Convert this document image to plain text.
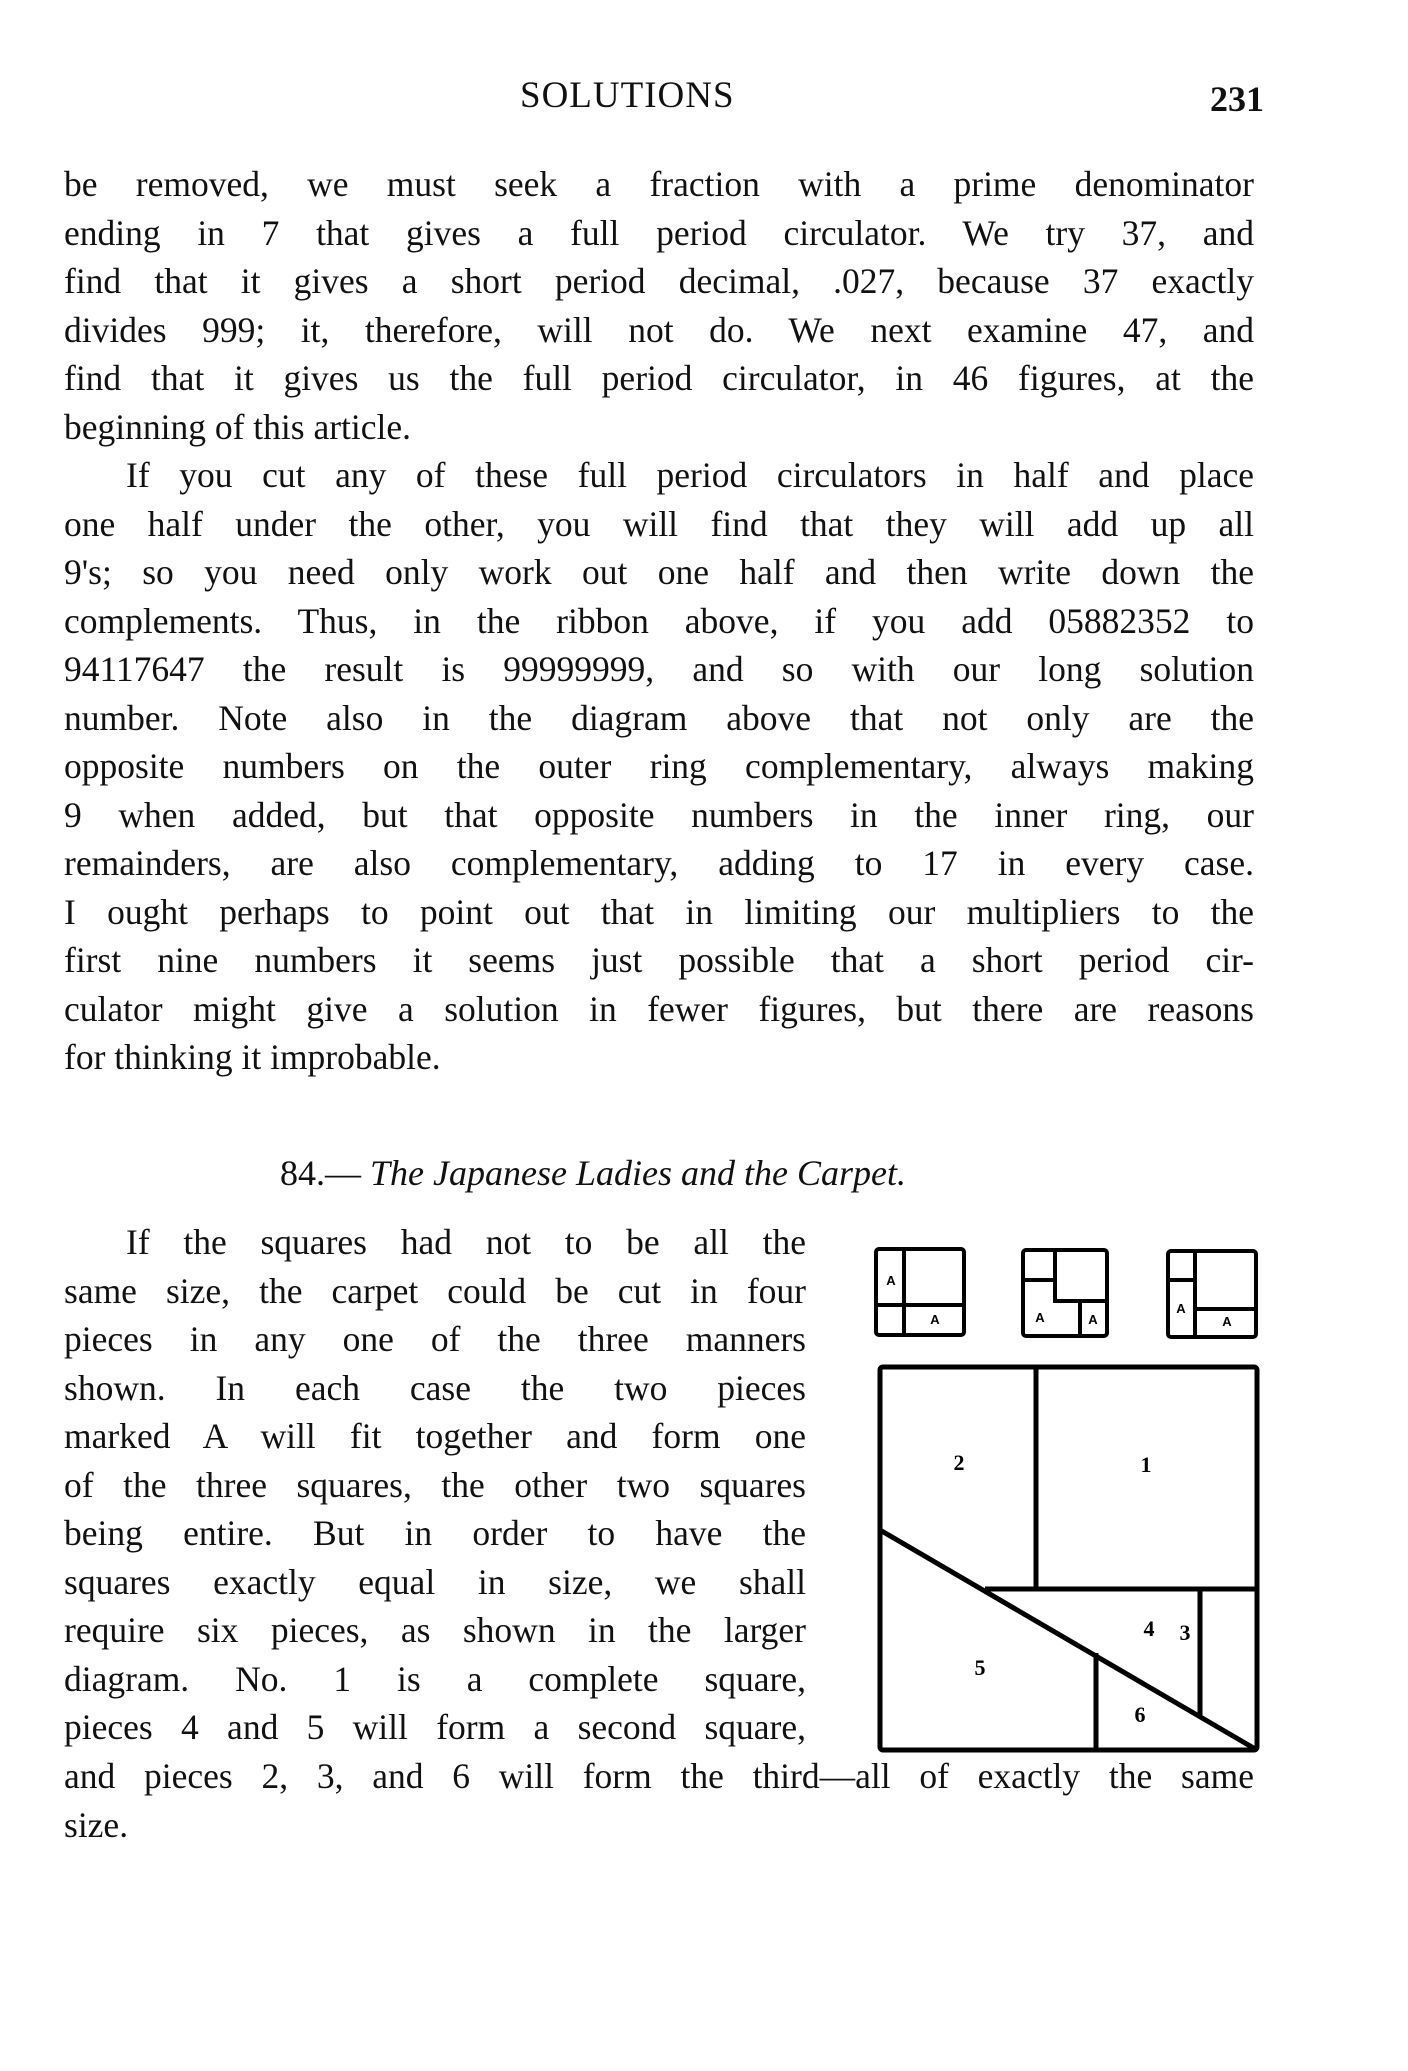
SOLUTIONS	231
be removed, we must seek a fraction with a prime denominator
ending in 7 that gives a full period circulator. We try 37, and
find that it gives a short period decimal, .027, because 37 exactly
divides 999; it, therefore, will not do. We next examine 47, and
find that it gives us the full period circulator, in 46 figures, at the
beginning of this article.
If you cut any of these full period circulators in half and place
one half under the other, you will find that they will add up all
9's; so you need only work out one half and then write down the
complements. Thus, in the ribbon above, if you add 05882352 to
94117647 the result is 99999999, and so with our long solution
number. Note also in the diagram above that not only are the
opposite numbers on the outer ring complementary, always making
9 when added, but that opposite numbers in the inner ring, our
remainders, are also complementary, adding to 17 in every case.
I ought perhaps to point out that in limiting our multipliers to the
first nine numbers it seems just possible that a short period cir-
culator might give a solution in fewer figures, but there are reasons
for thinking it improbable.
84.— The Japanese Ladies and the Carpet.
If the squares had not to be all the
same size, the carpet could be cut in four
pieces in any one of the three manners
shown. In each case the two pieces
marked A will fit together and form one
of the three squares, the other two squares
being entire. But in order to have the
squares exactly equal in size, we shall
require six pieces, as shown in the larger
diagram. No. 1 is a complete square,
pieces 4 and 5 will form a second square,
and pieces 2, 3, and 6 will form the third—all of exactly the same
size.
A
A	A	A
A
A
2	1
3
4
5
6
